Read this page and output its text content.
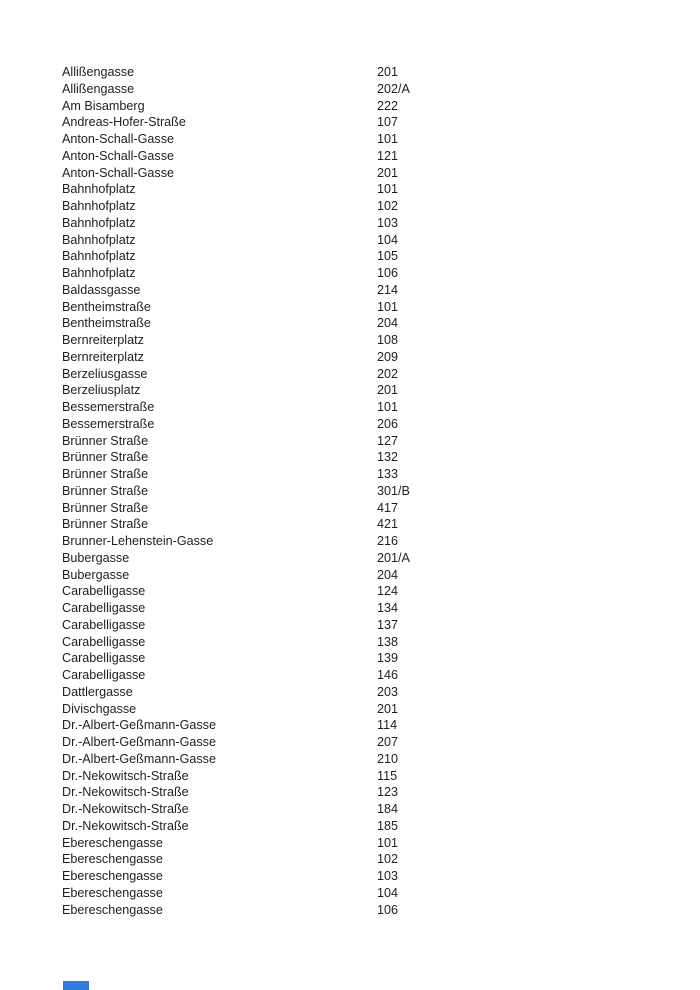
Allißengasse	201
Allißengasse	202/A
Am Bisamberg	222
Andreas-Hofer-Straße	107
Anton-Schall-Gasse	101
Anton-Schall-Gasse	121
Anton-Schall-Gasse	201
Bahnhofplatz	101
Bahnhofplatz	102
Bahnhofplatz	103
Bahnhofplatz	104
Bahnhofplatz	105
Bahnhofplatz	106
Baldassgasse	214
Bentheimstraße	101
Bentheimstraße	204
Bernreiterplatz	108
Bernreiterplatz	209
Berzeliusgasse	202
Berzeliusplatz	201
Bessemerstraße	101
Bessemerstraße	206
Brünner Straße	127
Brünner Straße	132
Brünner Straße	133
Brünner Straße	301/B
Brünner Straße	417
Brünner Straße	421
Brunner-Lehenstein-Gasse	216
Bubergasse	201/A
Bubergasse	204
Carabelligasse	124
Carabelligasse	134
Carabelligasse	137
Carabelligasse	138
Carabelligasse	139
Carabelligasse	146
Dattlergasse	203
Divischgasse	201
Dr.-Albert-Geßmann-Gasse	114
Dr.-Albert-Geßmann-Gasse	207
Dr.-Albert-Geßmann-Gasse	210
Dr.-Nekowitsch-Straße	115
Dr.-Nekowitsch-Straße	123
Dr.-Nekowitsch-Straße	184
Dr.-Nekowitsch-Straße	185
Ebereschengasse	101
Ebereschengasse	102
Ebereschengasse	103
Ebereschengasse	104
Ebereschengasse	106
